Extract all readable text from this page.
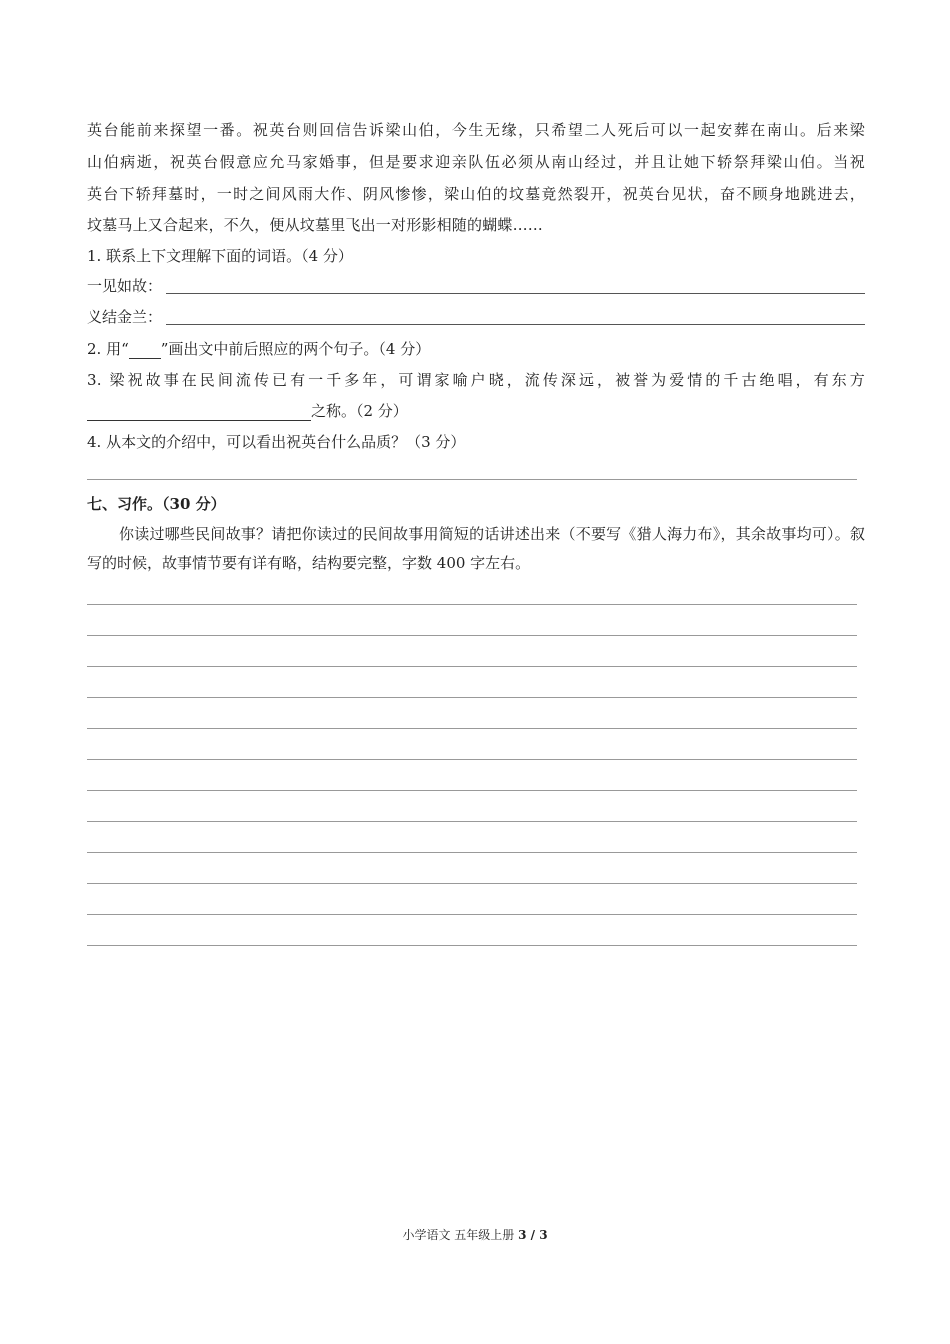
英台能前来探望一番。祝英台则回信告诉梁山伯，今生无缘，只希望二人死后可以一起安葬在南山。后来梁
山伯病逝，祝英台假意应允马家婚事，但是要求迎亲队伍必须从南山经过，并且让她下轿祭拜梁山伯。当祝
英台下轿拜墓时，一时之间风雨大作、阴风惨惨，梁山伯的坟墓竟然裂开，祝英台见状，奋不顾身地跳进去，
坟墓马上又合起来，不久，便从坟墓里飞出一对形影相随的蝴蝶……
1. 联系上下文理解下面的词语。（4 分）
一见如故：
义结金兰：
2. 用“ ”画出文中前后照应的两个句子。（4 分）
3. 梁祝故事在民间流传已有一千多年，可谓家喻户晓，流传深远，被誉为爱情的千古绝唱，有东方
之称。（2 分）
4. 从本文的介绍中，可以看出祝英台什么品质？（3 分）
七、习作。（30 分）
你读过哪些民间故事？请把你读过的民间故事用简短的话讲述出来（不要写《猎人海力布》，其余故事均可）。叙写的时候，故事情节要有详有略，结构要完整，字数 400 字左右。
小学语文 五年级上册 3 / 3
